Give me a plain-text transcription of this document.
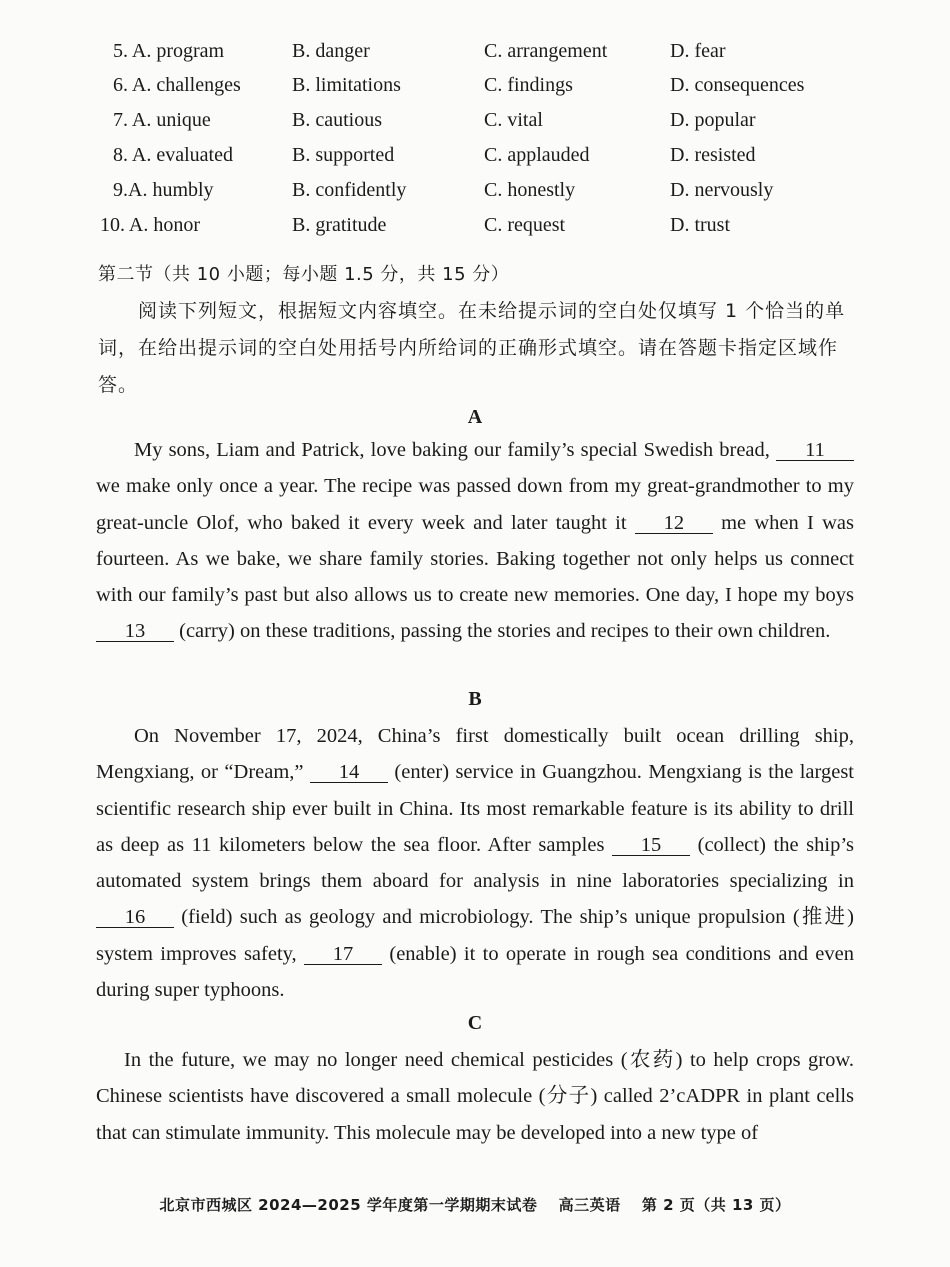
5. A. program	B. danger	C. arrangement	D. fear
6. A. challenges	B. limitations	C. findings	D. consequences
7. A. unique	B. cautious	C. vital	D. popular
8. A. evaluated	B. supported	C. applauded	D. resisted
9.A. humbly	B. confidently	C. honestly	D. nervously
10. A. honor	B. gratitude	C. request	D. trust
第二节（共 10 小题；每小题 1.5 分，共 15 分）

阅读下列短文，根据短文内容填空。在未给提示词的空白处仅填写 1 个恰当的单词，在给出提示词的空白处用括号内所给词的正确形式填空。请在答题卡指定区域作答。

A

My sons, Liam and Patrick, love baking our family’s special Swedish bread, 11 we make only once a year. The recipe was passed down from my great-grandmother to my great-uncle Olof, who baked it every week and later taught it 12 me when I was fourteen. As we bake, we share family stories. Baking together not only helps us connect with our family’s past but also allows us to create new memories. One day, I hope my boys 13 (carry) on these traditions, passing the stories and recipes to their own children.

B

On November 17, 2024, China’s first domestically built ocean drilling ship, Mengxiang, or “Dream,” 14 (enter) service in Guangzhou. Mengxiang is the largest scientific research ship ever built in China. Its most remarkable feature is its ability to drill as deep as 11 kilometers below the sea floor. After samples 15 (collect) the ship’s automated system brings them aboard for analysis in nine laboratories specializing in 16 (field) such as geology and microbiology. The ship’s unique propulsion (推进) system improves safety, 17 (enable) it to operate in rough sea conditions and even during super typhoons.

C

In the future, we may no longer need chemical pesticides (农药) to help crops grow. Chinese scientists have discovered a small molecule (分子) called 2’cADPR in plant cells that can stimulate immunity. This molecule may be developed into a new type of

北京市西城区 2024—2025 学年度第一学期期末试卷　 高三英语　 第 2 页（共 13 页）
